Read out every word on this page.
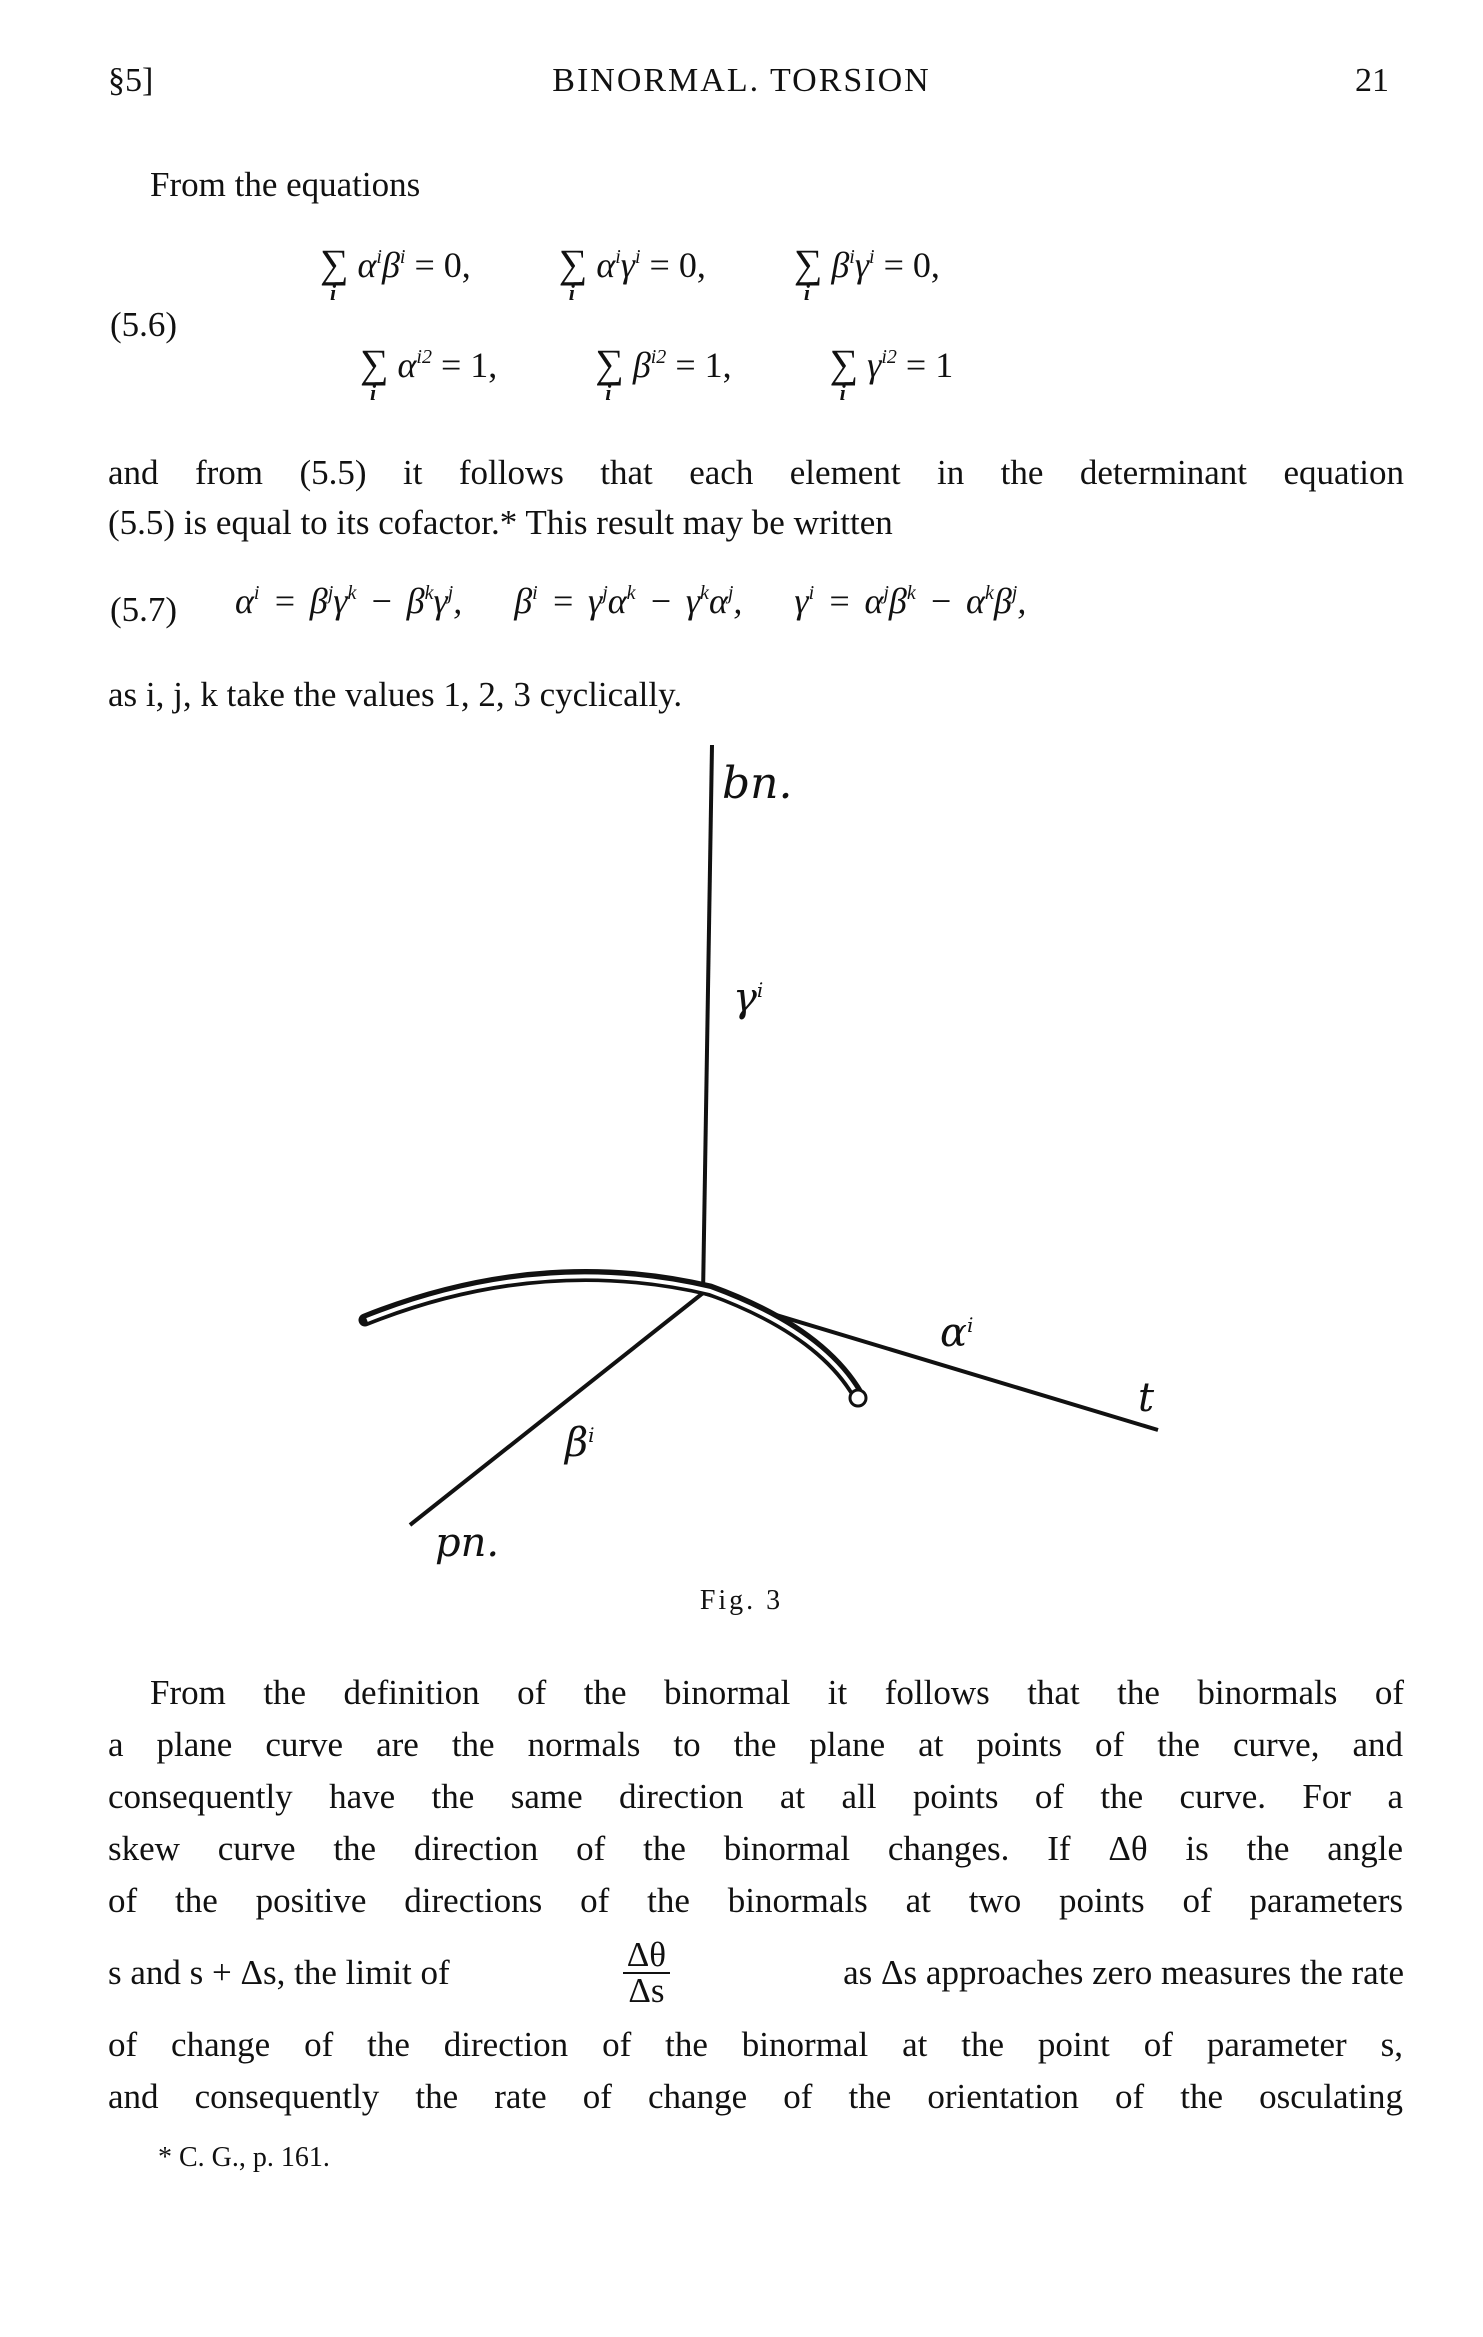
§5]	BINORMAL. TORSION	21
From the equations
(5.6)
∑
i
$\alpha^i\beta^i = 0$, ∑
i
$\alpha^i\gamma^i = 0$, ∑
i
$\beta^i\gamma^i = 0$,
∑
i
$\alpha^{i2} = 1$, ∑
i
$\beta^{i2} = 1$, ∑
i
$\gamma^{i2} = 1$
and from (5.5) it follows that each element in the determinant equation
(5.5) is equal to its cofactor.* This result may be written
(5.7) $\alpha^i = \beta^j\gamma^k - \beta^k\gamma^j$,    $\beta^i = \gamma^j\alpha^k - \gamma^k\alpha^j$,    $\gamma^i = \alpha^j\beta^k - \alpha^k\beta^j$,
as i, j, k take the values 1, 2, 3 cyclically.
bn.
$\gamma^i$
$\alpha^i$
t
$\beta^i$
pn.
Fig. 3
From the definition of the binormal it follows that the binormals of
a plane curve are the normals to the plane at points of the curve, and
consequently have the same direction at all points of the curve. For a
skew curve the direction of the binormal changes. If Δθ is the angle
of the positive directions of the binormals at two points of parameters
s and s + Δs, the limit of	$\frac{\Delta\theta}{\Delta s}$	as Δs approaches zero measures the rate
of change of the direction of the binormal at the point of parameter s,
and consequently the rate of change of the orientation of the osculating
* C. G., p. 161.
